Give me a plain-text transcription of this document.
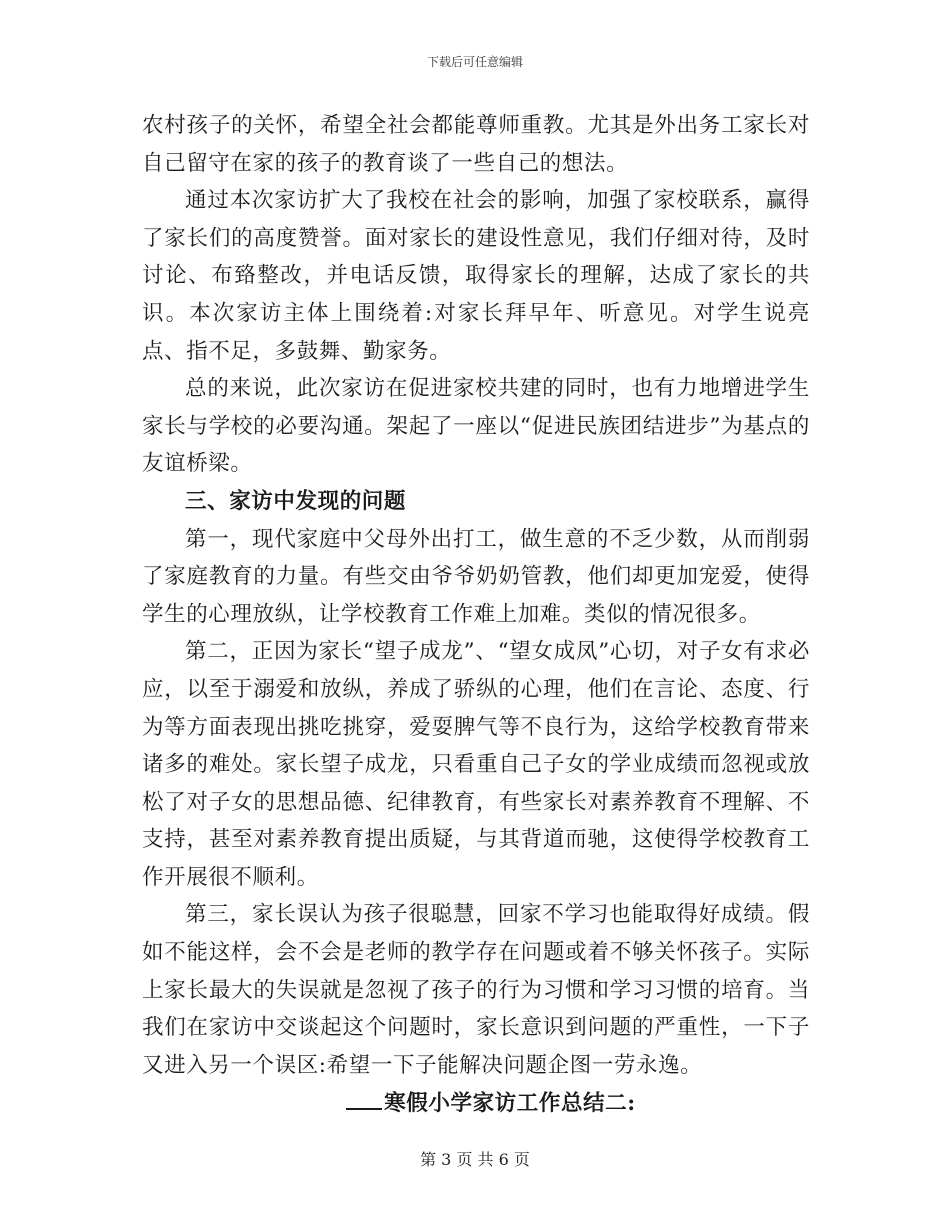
下载后可任意编辑

农村孩子的关怀，希望全社会都能尊师重教。尤其是外出务工家长对自己留守在家的孩子的教育谈了一些自己的想法。

通过本次家访扩大了我校在社会的影响，加强了家校联系，赢得了家长们的高度赞誉。面对家长的建设性意见，我们仔细对待，及时讨论、布臵整改，并电话反馈，取得家长的理解，达成了家长的共识。本次家访主体上围绕着:对家长拜早年、听意见。对学生说亮点、指不足，多鼓舞、勤家务。

总的来说，此次家访在促进家校共建的同时，也有力地增进学生家长与学校的必要沟通。架起了一座以“促进民族团结进步”为基点的友谊桥梁。

三、家访中发现的问题

第一，现代家庭中父母外出打工，做生意的不乏少数，从而削弱了家庭教育的力量。有些交由爷爷奶奶管教，他们却更加宠爱，使得学生的心理放纵，让学校教育工作难上加难。类似的情况很多。

第二，正因为家长“望子成龙”、“望女成凤”心切，对子女有求必应，以至于溺爱和放纵，养成了骄纵的心理，他们在言论、态度、行为等方面表现出挑吃挑穿，爱耍脾气等不良行为，这给学校教育带来诸多的难处。家长望子成龙，只看重自己子女的学业成绩而忽视或放松了对子女的思想品德、纪律教育，有些家长对素养教育不理解、不支持，甚至对素养教育提出质疑，与其背道而驰，这使得学校教育工作开展很不顺利。

第三，家长误认为孩子很聪慧，回家不学习也能取得好成绩。假如不能这样，会不会是老师的教学存在问题或着不够关怀孩子。实际上家长最大的失误就是忽视了孩子的行为习惯和学习习惯的培育。当我们在家访中交谈起这个问题时，家长意识到问题的严重性，一下子又进入另一个误区:希望一下子能解决问题企图一劳永逸。

寒假小学家访工作总结二:

第 3 页 共 6 页
